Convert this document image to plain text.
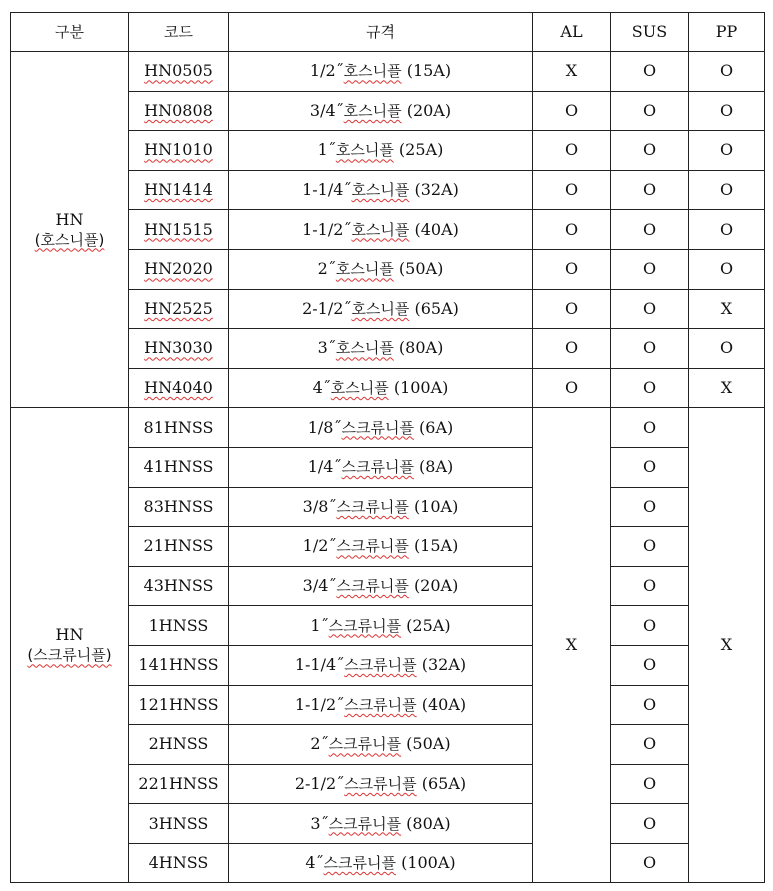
구분	코드	규격	AL	SUS	PP
HN
(호스니플)	HN0505	1/2˝호스니플 (15A)	X	O	O
	HN0808	3/4˝호스니플 (20A)	O	O	O
	HN1010	1˝호스니플 (25A)	O	O	O
	HN1414	1-1/4˝호스니플 (32A)	O	O	O
	HN1515	1-1/2˝호스니플 (40A)	O	O	O
	HN2020	2˝호스니플 (50A)	O	O	O
	HN2525	2-1/2˝호스니플 (65A)	O	O	X
	HN3030	3˝호스니플 (80A)	O	O	O
	HN4040	4˝호스니플 (100A)	O	O	X
HN
(스크류니플)	81HNSS	1/8˝스크류니플 (6A)	X	O	X
	41HNSS	1/4˝스크류니플 (8A)		O	
	83HNSS	3/8˝스크류니플 (10A)		O	
	21HNSS	1/2˝스크류니플 (15A)		O	
	43HNSS	3/4˝스크류니플 (20A)		O	
	1HNSS	1˝스크류니플 (25A)		O	
	141HNSS	1-1/4˝스크류니플 (32A)		O	
	121HNSS	1-1/2˝스크류니플 (40A)		O	
	2HNSS	2˝스크류니플 (50A)		O	
	221HNSS	2-1/2˝스크류니플 (65A)		O	
	3HNSS	3˝스크류니플 (80A)		O	
	4HNSS	4˝스크류니플 (100A)		O	
